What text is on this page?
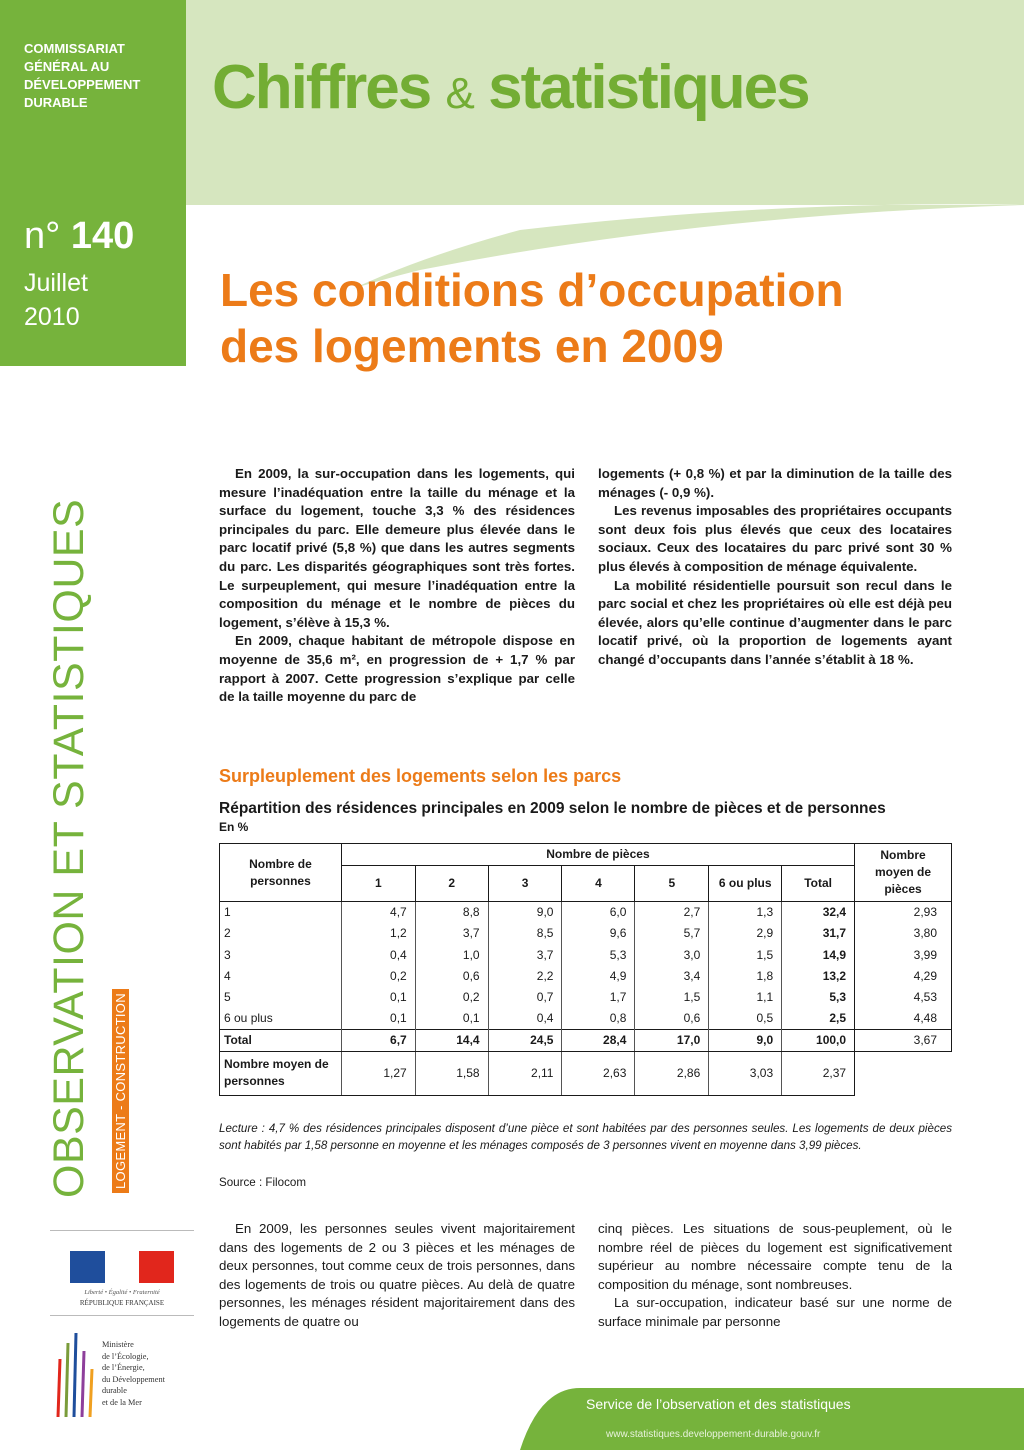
COMMISSARIAT GÉNÉRAL AU DÉVELOPPEMENT DURABLE	Chiffres & statistiques
n° 140
Juillet
2010
Les conditions d’occupation
des logements en 2009
OBSERVATION ET STATISTIQUES LOGEMENT - CONSTRUCTION

En 2009, la sur-occupation dans les logements, qui mesure l’inadéquation entre la taille du ménage et la surface du logement, touche 3,3 % des résidences principales du parc. Elle demeure plus élevée dans le parc locatif privé (5,8 %) que dans les autres segments du parc. Les disparités géographiques sont très fortes. Le surpeuplement, qui mesure l’inadéquation entre la composition du ménage et le nombre de pièces du logement, s’élève à 15,3 %.

En 2009, chaque habitant de métropole dispose en moyenne de 35,6 m², en progression de + 1,7 % par rapport à 2007. Cette progression s’explique par celle de la taille moyenne du parc de

logements (+ 0,8 %) et par la diminution de la taille des ménages (- 0,9 %).

Les revenus imposables des propriétaires occupants sont deux fois plus élevés que ceux des locataires sociaux. Ceux des locataires du parc privé sont 30 % plus élevés à composition de ménage équivalente.

La mobilité résidentielle poursuit son recul dans le parc social et chez les propriétaires où elle est déjà peu élevée, alors qu’elle continue d’augmenter dans le parc locatif privé, où la proportion de logements ayant changé d’occupants dans l’année s’établit à 18 %.

Surpleuplement des logements selon les parcs
Répartition des résidences principales en 2009 selon le nombre de pièces et de personnes
En %
Nombre de personnes	Nombre de pièces							Nombre moyen de pièces
	1	2	3	4	5	6 ou plus	Total	
1	4,7	8,8	9,0	6,0	2,7	1,3	32,4	2,93
2	1,2	3,7	8,5	9,6	5,7	2,9	31,7	3,80
3	0,4	1,0	3,7	5,3	3,0	1,5	14,9	3,99
4	0,2	0,6	2,2	4,9	3,4	1,8	13,2	4,29
5	0,1	0,2	0,7	1,7	1,5	1,1	5,3	4,53
6 ou plus	0,1	0,1	0,4	0,8	0,6	0,5	2,5	4,48
Total	6,7	14,4	24,5	28,4	17,0	9,0	100,0	3,67
Nombre moyen de personnes	1,27	1,58	2,11	2,63	2,86	3,03	2,37	
Lecture : 4,7 % des résidences principales disposent d’une pièce et sont habitées par des personnes seules. Les logements de deux pièces sont habités par 1,58 personne en moyenne et les ménages composés de 3 personnes vivent en moyenne dans 3,99 pièces.
Source : Filocom

En 2009, les personnes seules vivent majoritairement dans des logements de 2 ou 3 pièces et les ménages de deux personnes, tout comme ceux de trois personnes, dans des logements de trois ou quatre pièces. Au delà de quatre personnes, les ménages résident majoritairement dans des logements de quatre ou

cinq pièces. Les situations de sous-peuplement, où le nombre réel de pièces du logement est significativement supérieur au nombre nécessaire compte tenu de la composition du ménage, sont nombreuses.

La sur-occupation, indicateur basé sur une norme de surface minimale par personne

Liberté • Égalité • Fraternité
RÉPUBLIQUE FRANÇAISE
Ministère
de l’Écologie,
de l’Énergie,
du Développement
durable
et de la Mer	Service de l’observation et des statistiques
www.statistiques.developpement-durable.gouv.fr
